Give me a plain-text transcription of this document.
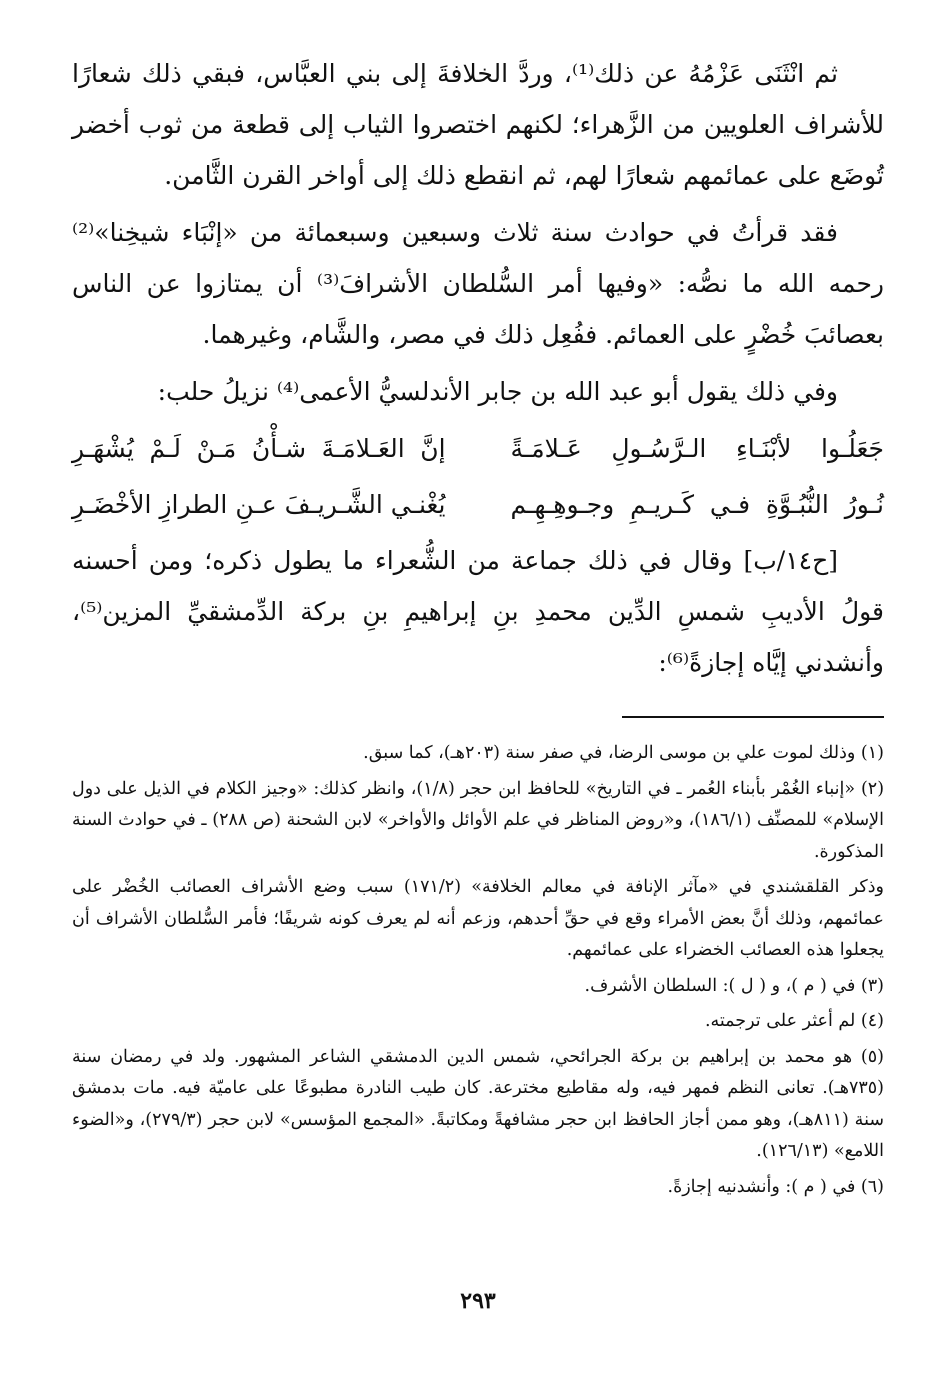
ثم انْثَنَى عَزْمُهُ عن ذلك⁽¹⁾، وردَّ الخلافةَ إلى بني العبَّاس، فبقي ذلك شعارًا للأشراف العلويين من الزَّهراء؛ لكنهم اختصروا الثياب إلى قطعة من ثوب أخضر تُوضَع على عمائمهم شعارًا لهم، ثم انقطع ذلك إلى أواخر القرن الثَّامن.

فقد قرأتُ في حوادث سنة ثلاث وسبعين وسبعمائة من «إنْبَاء شيخِنا»⁽²⁾ رحمه الله ما نصُّه: «وفيها أمر السُّلطان الأشرافَ⁽³⁾ أن يمتازوا عن الناس بعصائبَ خُضْرٍ على العمائم. ففُعِل ذلك في مصر، والشَّام، وغيرهما.

وفي ذلك يقول أبو عبد الله بن جابر الأندلسيُّ الأعمى⁽⁴⁾ نزيلُ حلب:

جَعَلُـوا لأبْنَـاءِ الـرَّسُـولِ عَـلامَـةً
إنَّ العَـلامَـةَ شـأْنُ مَـنْ لَـمْ يُشْهَـرِ
نُـورُ النُّبُـوَّةِ فـي كَـريـمِ وجـوهِـهِـم
يُغْنـي الشَّـريـفَ عـنِ الطرازِ الأخْضَـرِ

[ح١٤/ب] وقال في ذلك جماعة من الشُّعراء ما يطول ذكره؛ ومن أحسنه قولُ الأديبِ شمسِ الدِّين محمدِ بنِ إبراهيمِ بنِ بركة الدِّمشقيِّ المزين⁽⁵⁾، وأنشدني إيَّاه إجازةً⁽⁶⁾:

(١) وذلك لموت علي بن موسى الرضا، في صفر سنة (٢٠٣هـ)، كما سبق.

(٢) «إنباء الغُمْر بأبناء العُمر ـ في التاريخ» للحافظ ابن حجر (١/٨)، وانظر كذلك: «وجيز الكلام في الذيل على دول الإسلام» للمصنِّف (١٨٦/١)، و«روض المناظر في علم الأوائل والأواخر» لابن الشحنة (ص ٢٨٨) ـ في حوادث السنة المذكورة.

وذكر القلقشندي في «مآثر الإنافة في معالم الخلافة» (١٧١/٢) سبب وضع الأشراف العصائب الخُضْر على عمائمهم، وذلك أنَّ بعض الأمراء وقع في حقِّ أحدهم، وزعم أنه لم يعرف كونه شريفًا؛ فأمر السُّلطان الأشراف أن يجعلوا هذه العصائب الخضراء على عمائمهم.

(٣) في ( م )، و ( ل ): السلطان الأشرف.

(٤) لم أعثر على ترجمته.

(٥) هو محمد بن إبراهيم بن بركة الجرائحي، شمس الدين الدمشقي الشاعر المشهور. ولد في رمضان سنة (٧٣٥هـ). تعانى النظم فمهر فيه، وله مقاطيع مخترعة. كان طيب النادرة مطبوعًا على عاميّة فيه. مات بدمشق سنة (٨١١هـ)، وهو ممن أجاز الحافظ ابن حجر مشافهةً ومكاتبةً. «المجمع المؤسس» لابن حجر (٢٧٩/٣)، و«الضوء اللامع» (١٢٦/١٣).

(٦) في ( م ): وأنشدنيه إجازةً.

٢٩٣
